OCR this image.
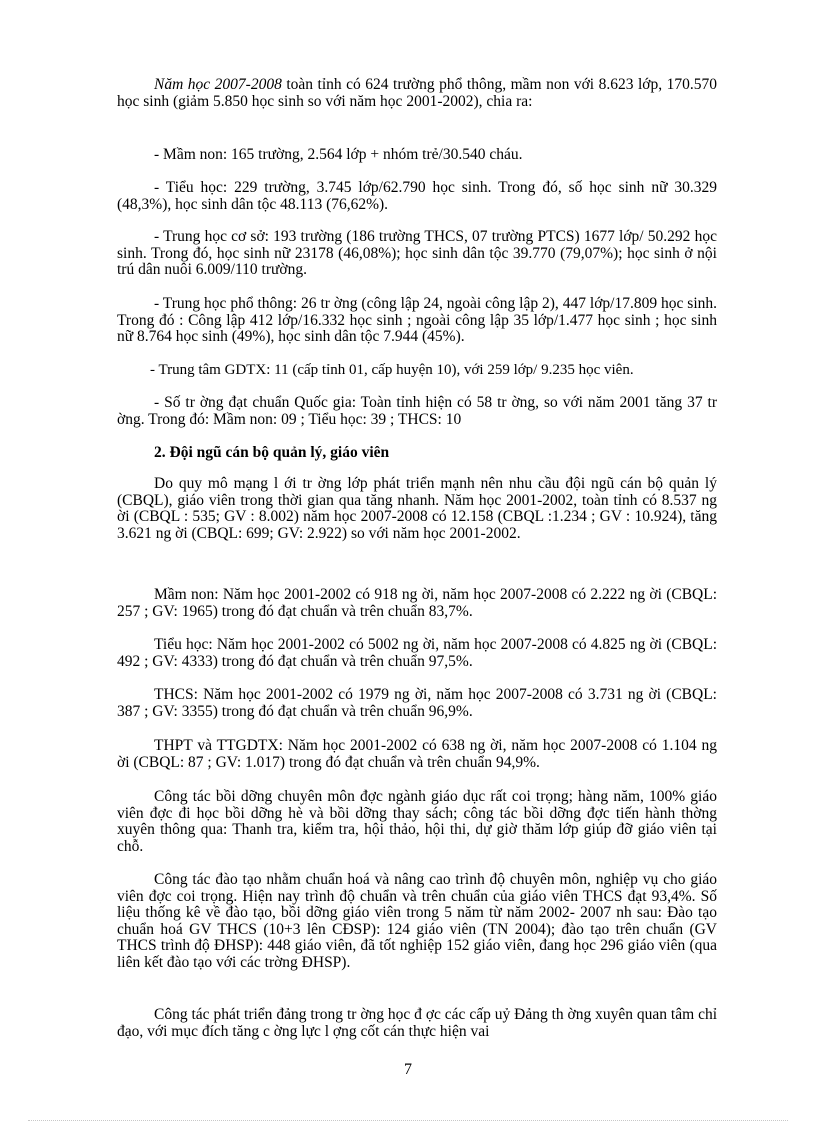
Năm học 2007-2008 toàn tỉnh có 624 trường phổ thông, mầm non với 8.623 lớp, 170.570 học sinh (giảm 5.850 học sinh so với năm học 2001-2002), chia ra:
- Mầm non: 165 trường, 2.564 lớp + nhóm trẻ/30.540 cháu.
- Tiểu học: 229 trường, 3.745 lớp/62.790 học sinh. Trong đó, số học sinh nữ 30.329 (48,3%), học sinh dân tộc 48.113 (76,62%).
- Trung học cơ sở: 193 trường (186 trường THCS, 07 trường PTCS) 1677 lớp/ 50.292 học sinh. Trong đó, học sinh nữ 23178 (46,08%); học sinh dân tộc 39.770 (79,07%); học sinh ở nội trú dân nuôi 6.009/110 trường.
- Trung học phổ thông: 26 tr ờng (công lập 24, ngoài công lập 2), 447 lớp/17.809 học sinh. Trong đó : Công lập 412 lớp/16.332 học sinh ; ngoài công lập 35 lớp/1.477 học sinh ; học sinh nữ 8.764 học sinh (49%), học sinh dân tộc 7.944 (45%).
- Trung tâm GDTX: 11 (cấp tỉnh 01, cấp huyện 10), với 259 lớp/ 9.235 học viên.
- Số tr ờng đạt chuẩn Quốc gia: Toàn tỉnh hiện có 58 tr ờng, so với năm 2001 tăng 37 tr ờng. Trong đó: Mầm non: 09 ; Tiểu học: 39 ; THCS: 10
2. Đội ngũ cán bộ quản lý, giáo viên
Do quy mô mạng l ới tr ờng lớp phát triển mạnh nên nhu cầu đội ngũ cán bộ quản lý (CBQL), giáo viên trong thời gian qua tăng nhanh. Năm học 2001-2002, toàn tỉnh có 8.537 ng ời (CBQL : 535; GV : 8.002) năm học 2007-2008 có 12.158 (CBQL :1.234 ; GV : 10.924), tăng 3.621 ng ời (CBQL: 699; GV: 2.922) so với năm học 2001-2002.
Mầm non: Năm học 2001-2002 có 918 ng ời, năm học 2007-2008 có 2.222 ng ời (CBQL: 257 ; GV: 1965) trong đó đạt chuẩn và trên chuẩn 83,7%.
Tiểu học: Năm học 2001-2002 có 5002 ng ời, năm học 2007-2008 có 4.825 ng ời (CBQL: 492 ; GV: 4333) trong đó đạt chuẩn và trên chuẩn 97,5%.
THCS: Năm học 2001-2002 có 1979 ng ời, năm học 2007-2008 có 3.731 ng ời (CBQL: 387 ; GV: 3355) trong đó đạt chuẩn và trên chuẩn 96,9%.
THPT và TTGDTX: Năm học 2001-2002 có 638 ng ời, năm học 2007-2008 có 1.104 ng ời (CBQL: 87 ; GV: 1.017) trong đó đạt chuẩn và trên chuẩn 94,9%.
Công tác bồi dỡng chuyên môn đợc ngành giáo dục rất coi trọng; hàng năm, 100% giáo viên đợc đi học bồi dỡng hè và bồi dỡng thay sách; công tác bồi dỡng đợc tiến hành thờng xuyên thông qua: Thanh tra, kiểm tra, hội thảo, hội thi, dự giờ thăm lớp giúp đỡ giáo viên tại chỗ.
Công tác đào tạo nhằm chuẩn hoá và nâng cao trình độ chuyên môn, nghiệp vụ cho giáo viên đợc coi trọng. Hiện nay trình độ chuẩn và trên chuẩn của giáo viên THCS đạt 93,4%. Số liệu thống kê về đào tạo, bồi dỡng giáo viên trong 5 năm từ năm 2002- 2007 nh sau: Đào tạo chuẩn hoá GV THCS (10+3 lên CĐSP): 124 giáo viên (TN 2004); đào tạo trên chuẩn (GV THCS trình độ ĐHSP): 448 giáo viên, đã tốt nghiệp 152 giáo viên, đang học 296 giáo viên (qua liên kết đào tạo với các trờng ĐHSP).
Công tác phát triển đảng trong tr ờng học đ ợc các cấp uỷ Đảng th ờng xuyên quan tâm chỉ đạo, với mục đích tăng c ờng lực l ợng cốt cán thực hiện vai
7
